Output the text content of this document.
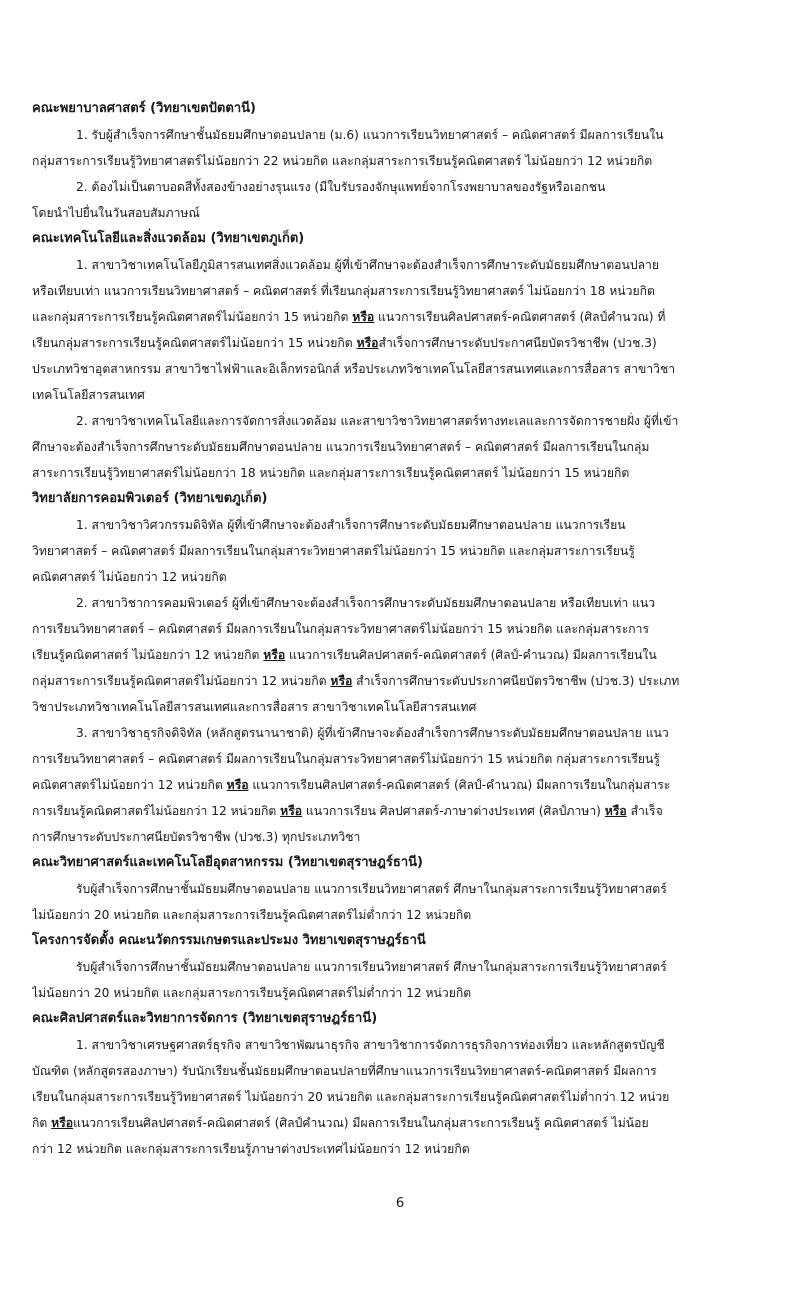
คณะพยาบาลศาสตร์ (วิทยาเขตปัตตานี)

1. รับผู้สำเร็จการศึกษาชั้นมัธยมศึกษาตอนปลาย (ม.6) แนวการเรียนวิทยาศาสตร์ – คณิตศาสตร์ มีผลการเรียนใน
กลุ่มสาระการเรียนรู้วิทยาศาสตร์ไม่น้อยกว่า 22 หน่วยกิต และกลุ่มสาระการเรียนรู้คณิตศาสตร์ ไม่น้อยกว่า 12 หน่วยกิต

2. ต้องไม่เป็นตาบอดสีทั้งสองข้างอย่างรุนแรง (มีใบรับรองจักษุแพทย์จากโรงพยาบาลของรัฐหรือเอกชน
โดยนำไปยื่นในวันสอบสัมภาษณ์

คณะเทคโนโลยีและสิ่งแวดล้อม (วิทยาเขตภูเก็ต)

1. สาขาวิชาเทคโนโลยีภูมิสารสนเทศสิ่งแวดล้อม ผู้ที่เข้าศึกษาจะต้องสำเร็จการศึกษาระดับมัธยมศึกษาตอนปลาย
หรือเทียบเท่า แนวการเรียนวิทยาศาสตร์ – คณิตศาสตร์ ที่เรียนกลุ่มสาระการเรียนรู้วิทยาศาสตร์ ไม่น้อยกว่า 18 หน่วยกิต
และกลุ่มสาระการเรียนรู้คณิตศาสตร์ไม่น้อยกว่า 15 หน่วยกิต หรือ แนวการเรียนศิลปศาสตร์-คณิตศาสตร์ (ศิลป์คำนวณ) ที่
เรียนกลุ่มสาระการเรียนรู้คณิตศาสตร์ไม่น้อยกว่า 15 หน่วยกิต หรือสำเร็จการศึกษาระดับประกาศนียบัตรวิชาชีพ (ปวช.3)
ประเภทวิชาอุตสาหกรรม สาขาวิชาไฟฟ้าและอิเล็กทรอนิกส์ หรือประเภทวิชาเทคโนโลยีสารสนเทศและการสื่อสาร สาขาวิชา
เทคโนโลยีสารสนเทศ

2. สาขาวิชาเทคโนโลยีและการจัดการสิ่งแวดล้อม และสาขาวิชาวิทยาศาสตร์ทางทะเลและการจัดการชายฝั่ง ผู้ที่เข้า
ศึกษาจะต้องสำเร็จการศึกษาระดับมัธยมศึกษาตอนปลาย แนวการเรียนวิทยาศาสตร์ – คณิตศาสตร์ มีผลการเรียนในกลุ่ม
สาระการเรียนรู้วิทยาศาสตร์ไม่น้อยกว่า 18 หน่วยกิต และกลุ่มสาระการเรียนรู้คณิตศาสตร์ ไม่น้อยกว่า 15 หน่วยกิต

วิทยาลัยการคอมพิวเตอร์ (วิทยาเขตภูเก็ต)

1. สาขาวิชาวิศวกรรมดิจิทัล ผู้ที่เข้าศึกษาจะต้องสำเร็จการศึกษาระดับมัธยมศึกษาตอนปลาย แนวการเรียน
วิทยาศาสตร์ – คณิตศาสตร์ มีผลการเรียนในกลุ่มสาระวิทยาศาสตร์ไม่น้อยกว่า 15 หน่วยกิต และกลุ่มสาระการเรียนรู้
คณิตศาสตร์ ไม่น้อยกว่า 12 หน่วยกิต

2. สาขาวิชาการคอมพิวเตอร์ ผู้ที่เข้าศึกษาจะต้องสำเร็จการศึกษาระดับมัธยมศึกษาตอนปลาย หรือเทียบเท่า แนว
การเรียนวิทยาศาสตร์ – คณิตศาสตร์ มีผลการเรียนในกลุ่มสาระวิทยาศาสตร์ไม่น้อยกว่า 15 หน่วยกิต และกลุ่มสาระการ
เรียนรู้คณิตศาสตร์ ไม่น้อยกว่า 12 หน่วยกิต หรือ แนวการเรียนศิลปศาสตร์-คณิตศาสตร์ (ศิลป์-คำนวณ) มีผลการเรียนใน
กลุ่มสาระการเรียนรู้คณิตศาสตร์ไม่น้อยกว่า 12 หน่วยกิต หรือ สำเร็จการศึกษาระดับประกาศนียบัตรวิชาชีพ (ปวช.3) ประเภท
วิชาประเภทวิชาเทคโนโลยีสารสนเทศและการสื่อสาร สาขาวิชาเทคโนโลยีสารสนเทศ

3. สาขาวิชาธุรกิจดิจิทัล (หลักสูตรนานาชาติ) ผู้ที่เข้าศึกษาจะต้องสำเร็จการศึกษาระดับมัธยมศึกษาตอนปลาย แนว
การเรียนวิทยาศาสตร์ – คณิตศาสตร์ มีผลการเรียนในกลุ่มสาระวิทยาศาสตร์ไม่น้อยกว่า 15 หน่วยกิต กลุ่มสาระการเรียนรู้
คณิตศาสตร์ไม่น้อยกว่า 12 หน่วยกิต หรือ แนวการเรียนศิลปศาสตร์-คณิตศาสตร์ (ศิลป์-คำนวณ) มีผลการเรียนในกลุ่มสาระ
การเรียนรู้คณิตศาสตร์ไม่น้อยกว่า 12 หน่วยกิต หรือ แนวการเรียน ศิลปศาสตร์-ภาษาต่างประเทศ (ศิลป์ภาษา) หรือ สำเร็จ
การศึกษาระดับประกาศนียบัตรวิชาชีพ (ปวช.3) ทุกประเภทวิชา

คณะวิทยาศาสตร์และเทคโนโลยีอุตสาหกรรม (วิทยาเขตสุราษฎร์ธานี)

รับผู้สำเร็จการศึกษาชั้นมัธยมศึกษาตอนปลาย แนวการเรียนวิทยาศาสตร์ ศึกษาในกลุ่มสาระการเรียนรู้วิทยาศาสตร์
ไม่น้อยกว่า 20 หน่วยกิต และกลุ่มสาระการเรียนรู้คณิตศาสตร์ไม่ต่ำกว่า 12 หน่วยกิต

โครงการจัดตั้ง คณะนวัตกรรมเกษตรและประมง วิทยาเขตสุราษฎร์ธานี

รับผู้สำเร็จการศึกษาชั้นมัธยมศึกษาตอนปลาย แนวการเรียนวิทยาศาสตร์ ศึกษาในกลุ่มสาระการเรียนรู้วิทยาศาสตร์
ไม่น้อยกว่า 20 หน่วยกิต และกลุ่มสาระการเรียนรู้คณิตศาสตร์ไม่ต่ำกว่า 12 หน่วยกิต

คณะศิลปศาสตร์และวิทยาการจัดการ (วิทยาเขตสุราษฎร์ธานี)

1. สาขาวิชาเศรษฐศาสตร์ธุรกิจ สาขาวิชาพัฒนาธุรกิจ สาขาวิชาการจัดการธุรกิจการท่องเที่ยว และหลักสูตรบัญชี
บัณฑิต (หลักสูตรสองภาษา) รับนักเรียนชั้นมัธยมศึกษาตอนปลายที่ศึกษาแนวการเรียนวิทยาศาสตร์-คณิตศาสตร์ มีผลการ
เรียนในกลุ่มสาระการเรียนรู้วิทยาศาสตร์ ไม่น้อยกว่า 20 หน่วยกิต และกลุ่มสาระการเรียนรู้คณิตศาสตร์ไม่ต่ำกว่า 12 หน่วย
กิต หรือแนวการเรียนศิลปศาสตร์-คณิตศาสตร์ (ศิลป์คำนวณ) มีผลการเรียนในกลุ่มสาระการเรียนรู้ คณิตศาสตร์ ไม่น้อย
กว่า 12 หน่วยกิต และกลุ่มสาระการเรียนรู้ภาษาต่างประเทศไม่น้อยกว่า 12 หน่วยกิต

6
